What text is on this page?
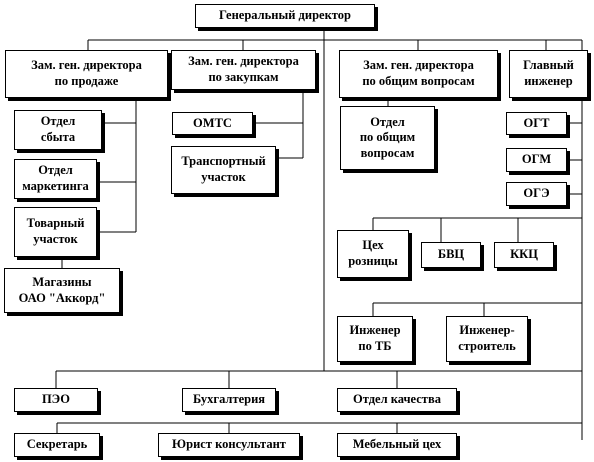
Генеральный директор
Зам. ген. директора
по продаже
Зам. ген. директора
по закупкам
Зам. ген. директора
по общим вопросам
Главный
инженер
Отдел
сбыта
Отдел
маркетинга
Товарный
участок
Магазины
ОАО "Аккорд"
ОМТС
Транспортный
участок
Отдел
по общим
вопросам
ОГТ
ОГМ
ОГЭ
Цех
розницы	БВЦ	ККЦ
Инженер
по ТБ
Инженер-
строитель
ПЭО	Бухгалтерия	Отдел качества
Секретарь	Юрист консультант	Мебельный цех
